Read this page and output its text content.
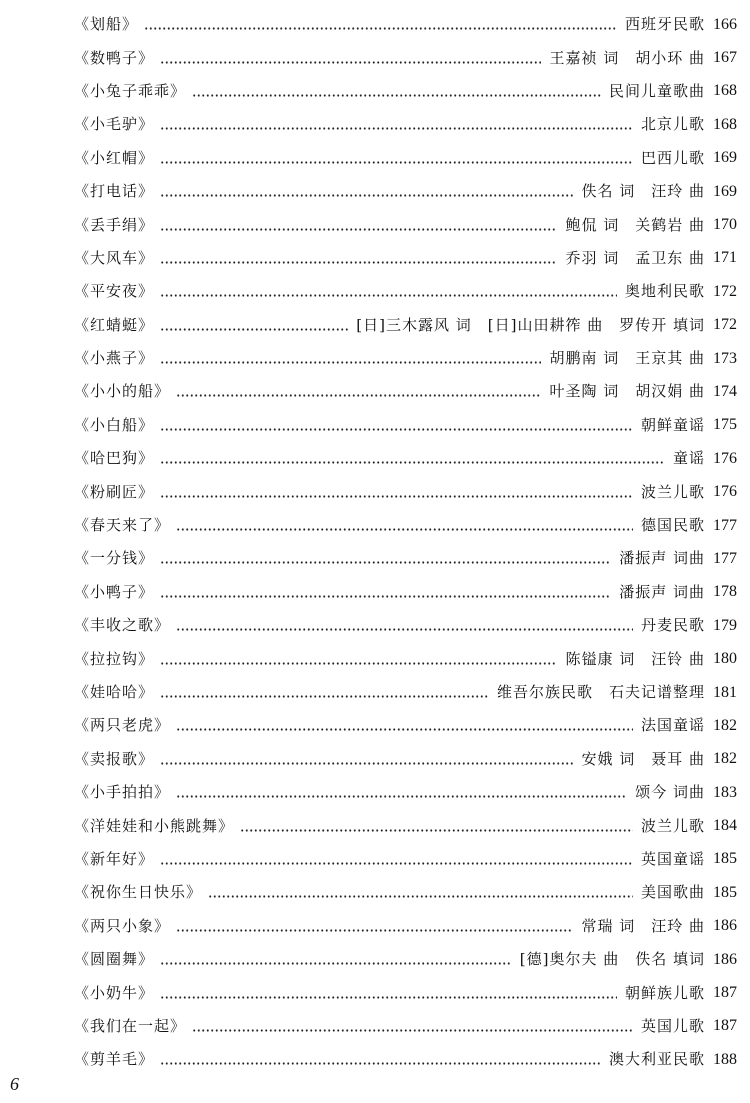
《划船》	西班牙民歌 166
《数鸭子》	王嘉祯 词　胡小环 曲 167
《小兔子乖乖》	民间儿童歌曲 168
《小毛驴》	北京儿歌 168
《小红帽》	巴西儿歌 169
《打电话》	佚名 词　汪玲 曲 169
《丢手绢》	鲍侃 词　关鹤岩 曲 170
《大风车》	乔羽 词　孟卫东 曲 171
《平安夜》	奥地利民歌 172
《红蜻蜓》	[日]三木露风 词　[日]山田耕筰 曲　罗传开 填词 172
《小燕子》	胡鹏南 词　王京其 曲 173
《小小的船》	叶圣陶 词　胡汉娟 曲 174
《小白船》	朝鲜童谣 175
《哈巴狗》	童谣 176
《粉刷匠》	波兰儿歌 176
《春天来了》	德国民歌 177
《一分钱》	潘振声 词曲 177
《小鸭子》	潘振声 词曲 178
《丰收之歌》	丹麦民歌 179
《拉拉钩》	陈镒康 词　汪铃 曲 180
《娃哈哈》	维吾尔族民歌　石夫记谱整理 181
《两只老虎》	法国童谣 182
《卖报歌》	安娥 词　聂耳 曲 182
《小手拍拍》	颂今 词曲 183
《洋娃娃和小熊跳舞》	波兰儿歌 184
《新年好》	英国童谣 185
《祝你生日快乐》	美国歌曲 185
《两只小象》	常瑞 词　汪玲 曲 186
《圆圈舞》	[德]奥尔夫 曲　佚名 填词 186
《小奶牛》	朝鲜族儿歌 187
《我们在一起》	英国儿歌 187
《剪羊毛》	澳大利亚民歌 188
6
